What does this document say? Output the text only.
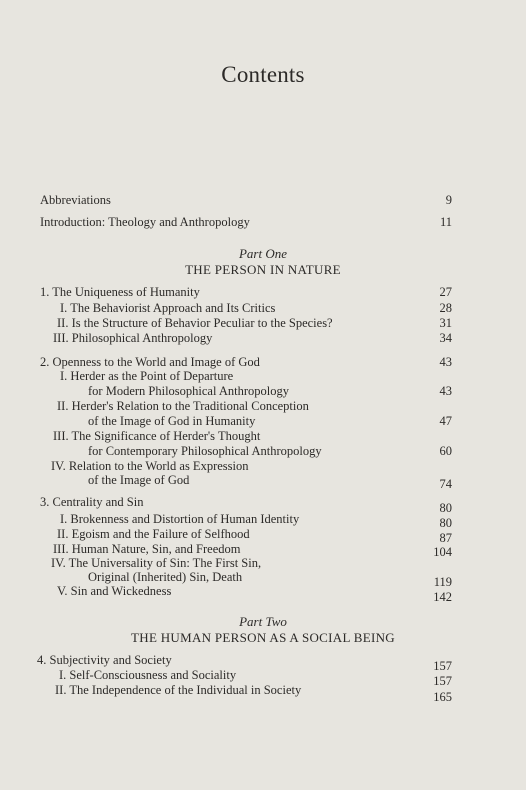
Contents
Abbreviations	9
Introduction: Theology and Anthropology	11
Part One
THE PERSON IN NATURE
1. The Uniqueness of Humanity	27
I. The Behaviorist Approach and Its Critics	28
II. Is the Structure of Behavior Peculiar to the Species?	31
III. Philosophical Anthropology	34
2. Openness to the World and Image of God	43
I. Herder as the Point of Departure
for Modern Philosophical Anthropology	43
II. Herder's Relation to the Traditional Conception
of the Image of God in Humanity	47
III. The Significance of Herder's Thought
for Contemporary Philosophical Anthropology	60
IV. Relation to the World as Expression
of the Image of God	74
3. Centrality and Sin	80
I. Brokenness and Distortion of Human Identity	80
II. Egoism and the Failure of Selfhood	87
III. Human Nature, Sin, and Freedom	104
IV. The Universality of Sin: The First Sin,
Original (Inherited) Sin, Death	119
V. Sin and Wickedness	142
Part Two
THE HUMAN PERSON AS A SOCIAL BEING
4. Subjectivity and Society	157
I. Self-Consciousness and Sociality	157
II. The Independence of the Individual in Society	165
